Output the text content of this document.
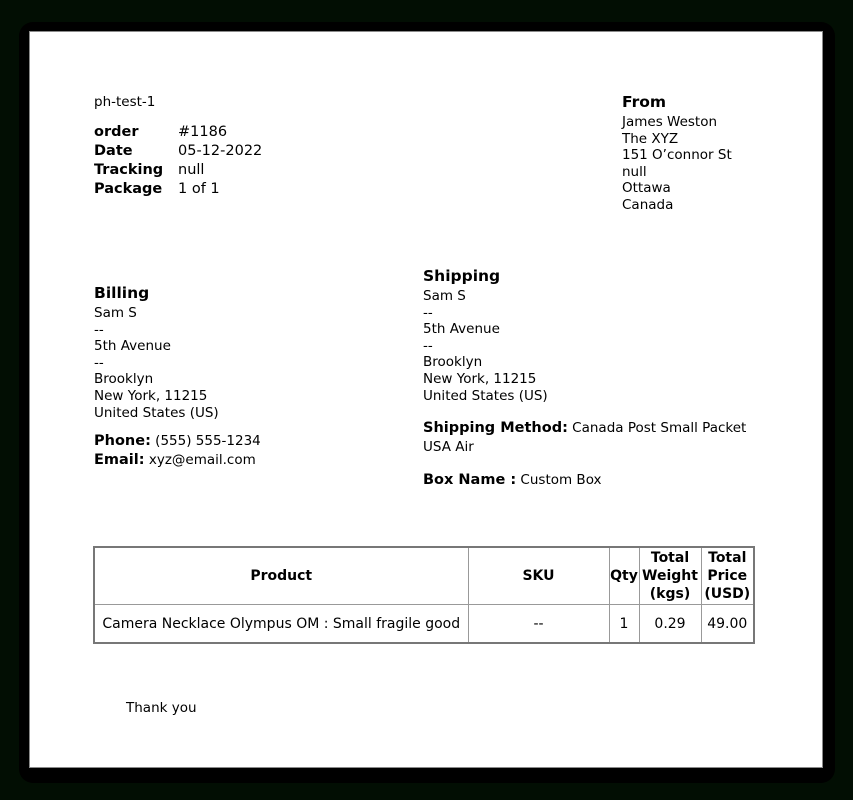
ph-test-1
order	#1186
Date	05-12-2022
Tracking null
Package 1 of 1
From
James Weston
The XYZ
151 O’connor St
null
Ottawa
Canada
Billing
Sam S
--
5th Avenue
--
Brooklyn
New York, 11215
United States (US)
Phone: (555) 555-1234
Email: xyz@email.com
Shipping
Sam S
--
5th Avenue
--
Brooklyn
New York, 11215
United States (US)
Shipping Method: Canada Post Small Packet USA Air
Box Name : Custom Box
Product	SKU	Qty	Total Weight (kgs)	Total Price (USD)
Camera Necklace Olympus OM : Small fragile good	--	1	0.29	49.00
Thank you
